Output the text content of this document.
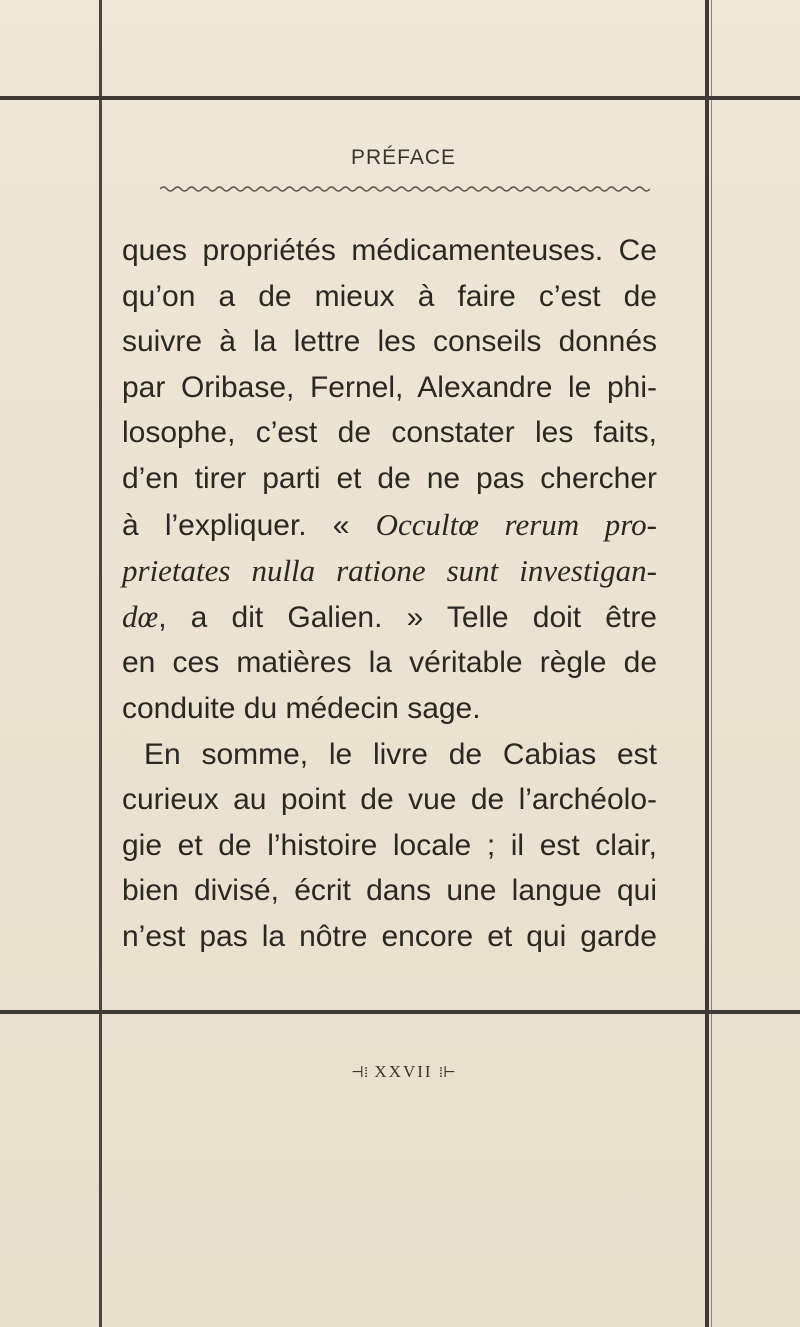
PRÉFACE
ques propriétés médicamenteuses. Ce
qu’on a de mieux à faire c’est de
suivre à la lettre les conseils donnés
par Oribase, Fernel, Alexandre le phi-
losophe, c’est de constater les faits,
d’en tirer parti et de ne pas chercher
à l’expliquer. « Occultœ rerum pro-
prietates nulla ratione sunt investigan-
dœ, a dit Galien. » Telle doit être
en ces matières la véritable règle de
conduite du médecin sage.
En somme, le livre de Cabias est
curieux au point de vue de l’archéolo-
gie et de l’histoire locale ; il est clair,
bien divisé, écrit dans une langue qui
n’est pas la nôtre encore et qui garde
⊣⁞ XXVII ⁞⊢
